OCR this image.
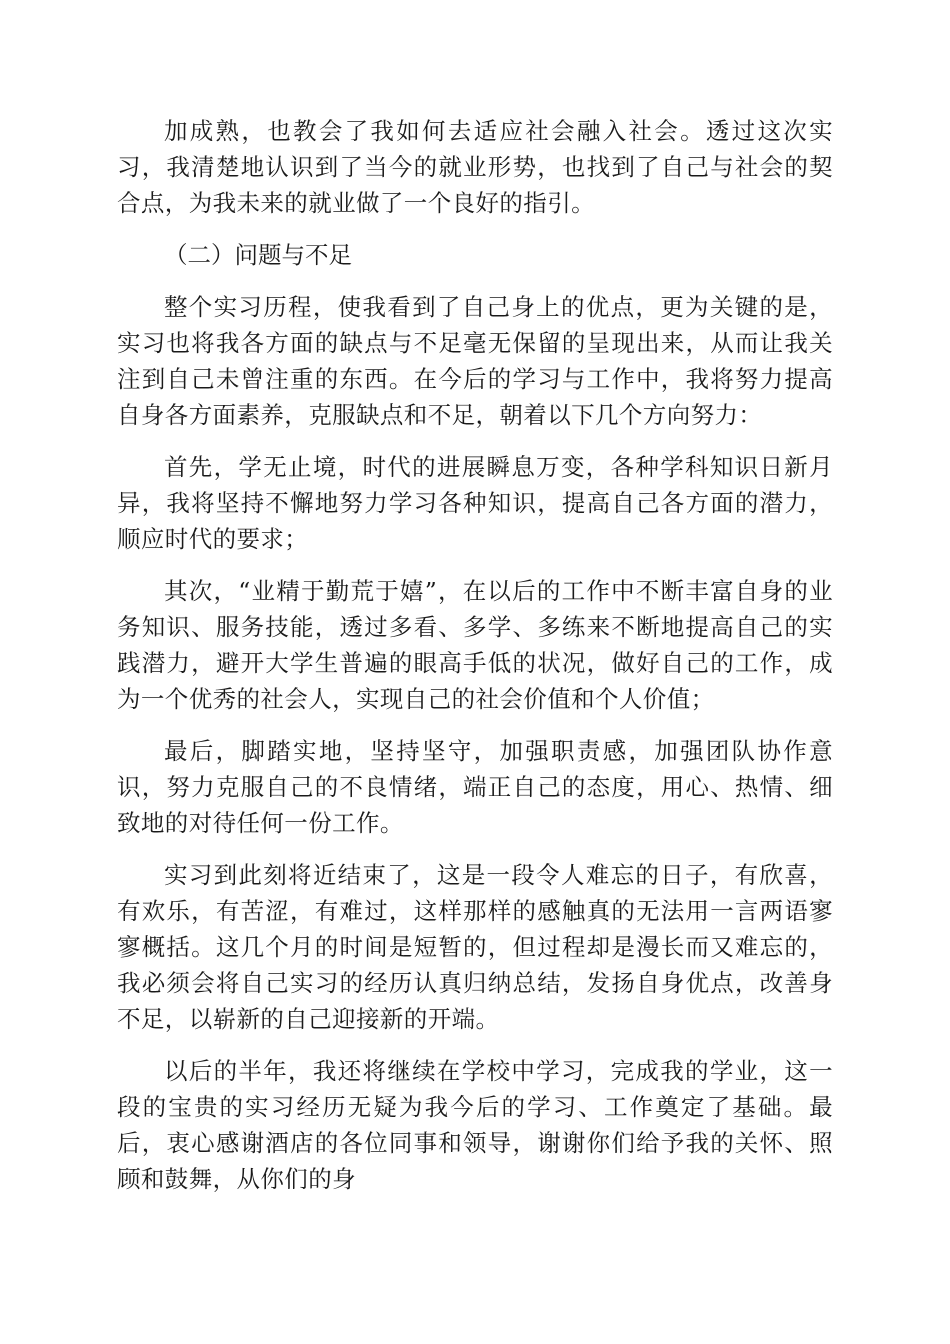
加成熟，也教会了我如何去适应社会融入社会。透过这次实习，我清楚地认识到了当今的就业形势，也找到了自己与社会的契合点，为我未来的就业做了一个良好的指引。

（二）问题与不足

整个实习历程，使我看到了自己身上的优点，更为关键的是，实习也将我各方面的缺点与不足毫无保留的呈现出来，从而让我关注到自己未曾注重的东西。在今后的学习与工作中，我将努力提高自身各方面素养，克服缺点和不足，朝着以下几个方向努力：

首先，学无止境，时代的进展瞬息万变，各种学科知识日新月异，我将坚持不懈地努力学习各种知识，提高自己各方面的潜力，顺应时代的要求；

其次，“业精于勤荒于嬉”，在以后的工作中不断丰富自身的业务知识、服务技能，透过多看、多学、多练来不断地提高自己的实践潜力，避开大学生普遍的眼高手低的状况，做好自己的工作，成为一个优秀的社会人，实现自己的社会价值和个人价值；

最后，脚踏实地，坚持坚守，加强职责感，加强团队协作意识，努力克服自己的不良情绪，端正自己的态度，用心、热情、细致地的对待任何一份工作。

实习到此刻将近结束了，这是一段令人难忘的日子，有欣喜，有欢乐，有苦涩，有难过，这样那样的感触真的无法用一言两语寥寥概括。这几个月的时间是短暂的，但过程却是漫长而又难忘的，我必须会将自己实习的经历认真归纳总结，发扬自身优点，改善身不足，以崭新的自己迎接新的开端。

以后的半年，我还将继续在学校中学习，完成我的学业，这一段的宝贵的实习经历无疑为我今后的学习、工作奠定了基础。最后，衷心感谢酒店的各位同事和领导，谢谢你们给予我的关怀、照顾和鼓舞，从你们的身
